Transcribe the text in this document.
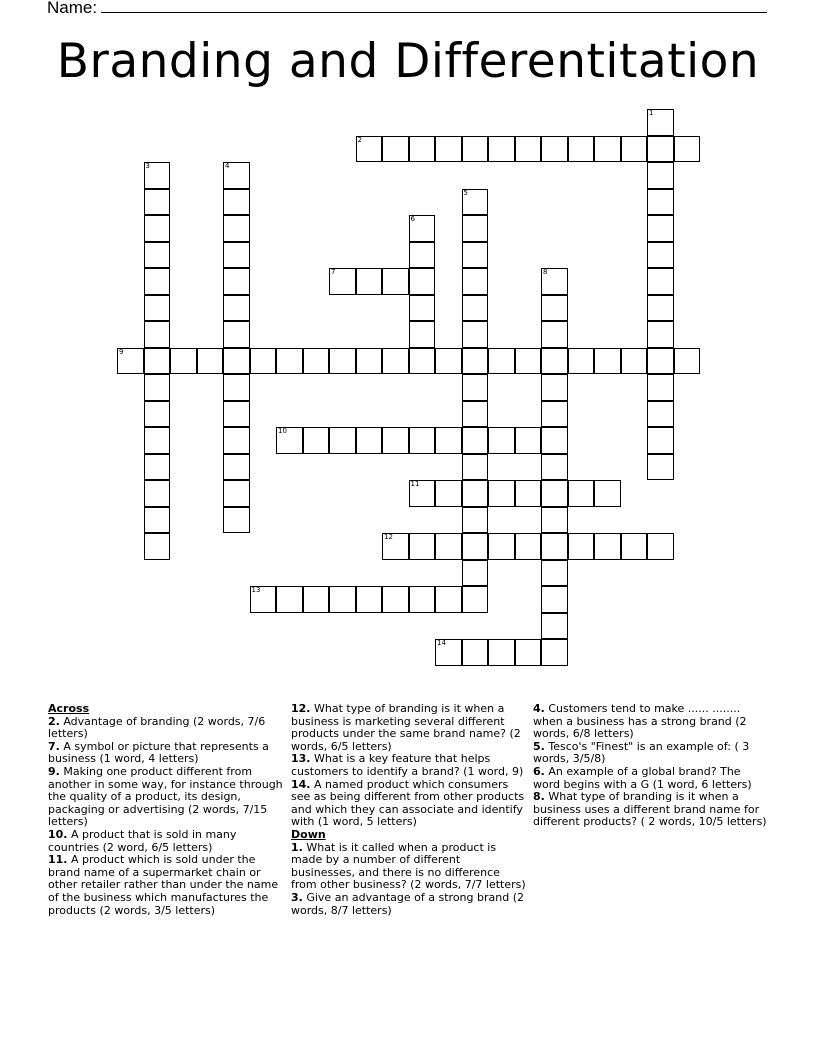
Name:
Branding and Differentitation
1
2
3	4
5
6
7	8
9
10
11
12
13
14

Across

2. Advantage of branding (2 words, 7/6 letters)

7. A symbol or picture that represents a business (1 word, 4 letters)

9. Making one product different from another in some way, for instance through the quality of a product, its design, packaging or advertising (2 words, 7/15 letters)

10. A product that is sold in many countries (2 word, 6/5 letters)

11. A product which is sold under the brand name of a supermarket chain or other retailer rather than under the name of the business which manufactures the products (2 words, 3/5 letters)

12. What type of branding is it when a business is marketing several different products under the same brand name? (2 words, 6/5 letters)

13. What is a key feature that helps customers to identify a brand? (1 word, 9)

14. A named product which consumers see as being different from other products and which they can associate and identify with (1 word, 5 letters)

Down

1. What is it called when a product is made by a number of different businesses, and there is no difference from other business? (2 words, 7/7 letters)

3. Give an advantage of a strong brand (2 words, 8/7 letters)

4. Customers tend to make ...... ........ when a business has a strong brand (2 words, 6/8 letters)

5. Tesco's "Finest" is an example of: ( 3 words, 3/5/8)

6. An example of a global brand? The word begins with a G (1 word, 6 letters)

8. What type of branding is it when a business uses a different brand name for different products? ( 2 words, 10/5 letters)
